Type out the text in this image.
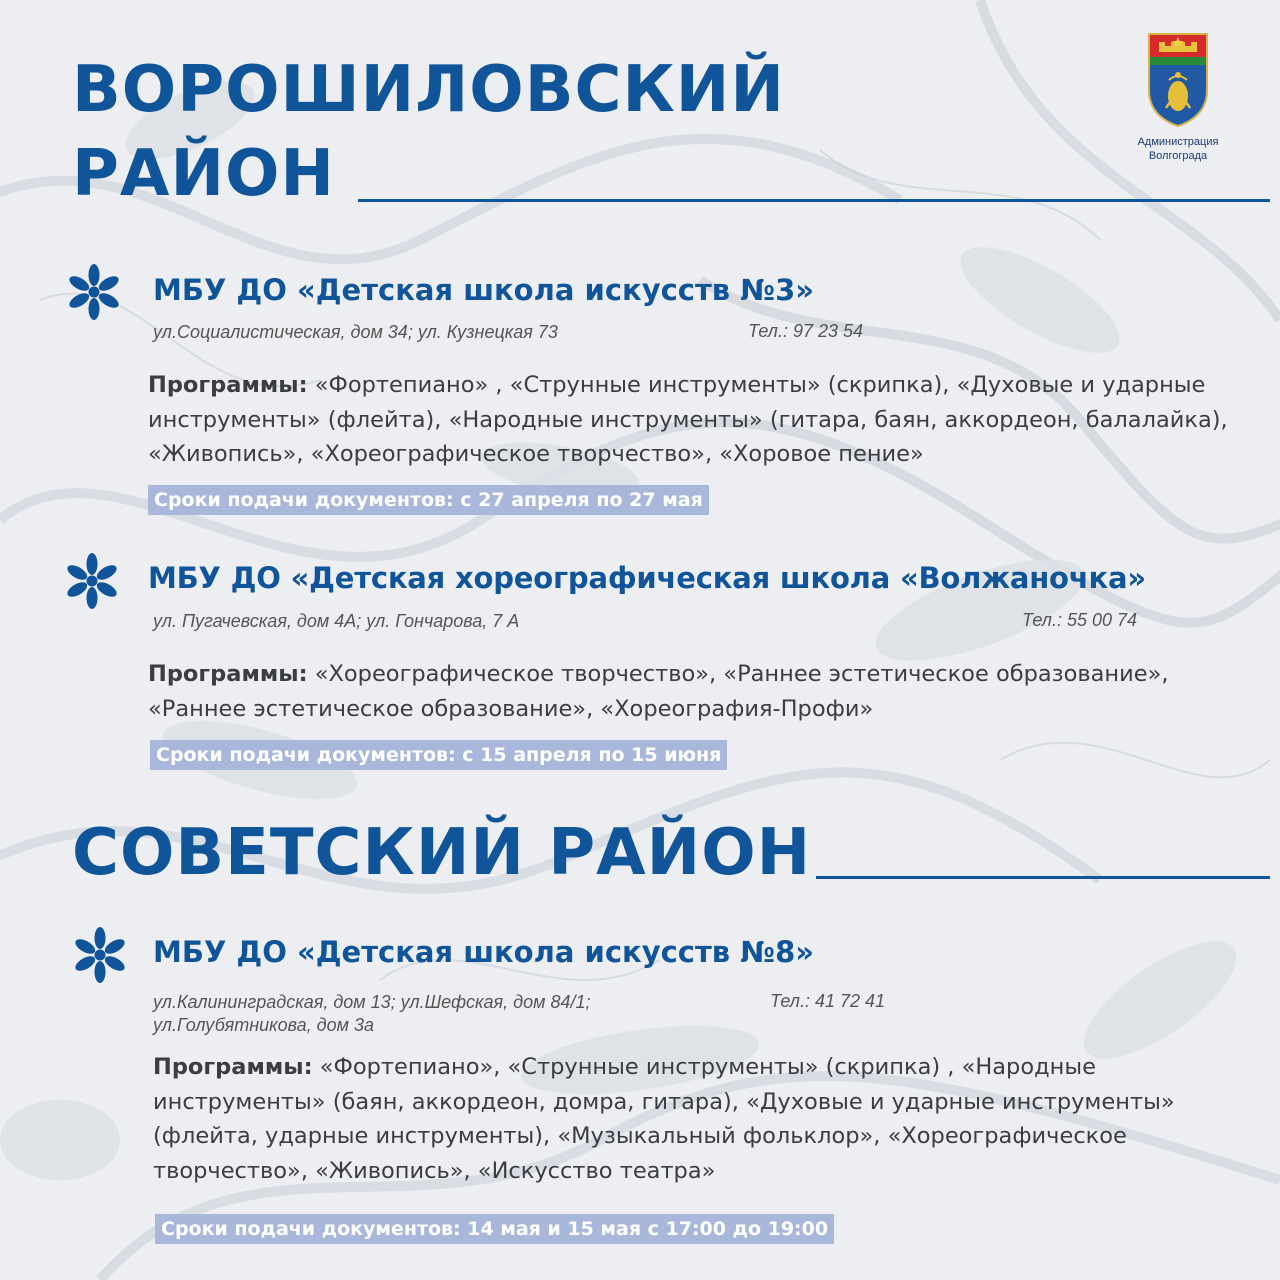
Администрация
Волгограда
ВОРОШИЛОВСКИЙ
РАЙОН
МБУ ДО «Детская школа искусств №3»
ул.Социалистическая, дом 34; ул. Кузнецкая 73	Тел.: 97 23 54
Программы: «Фортепиано» , «Струнные инструменты» (скрипка), «Духовые и ударные инструменты» (флейта), «Народные инструменты» (гитара, баян, аккордеон, балалайка), «Живопись», «Хореографическое творчество», «Хоровое пение»
Сроки подачи документов: с 27 апреля по 27 мая
МБУ ДО «Детская хореографическая школа «Волжаночка»
ул. Пугачевская, дом 4А; ул. Гончарова, 7 А	Тел.: 55 00 74
Программы: «Хореографическое творчество», «Раннее эстетическое образование», «Раннее эстетическое образование», «Хореография-Профи»
Сроки подачи документов: с 15 апреля по 15 июня
СОВЕТСКИЙ РАЙОН
МБУ ДО «Детская школа искусств №8»
ул.Калининградская, дом 13; ул.Шефская, дом 84/1;
ул.Голубятникова, дом 3а
Тел.: 41 72 41
Программы: «Фортепиано», «Струнные инструменты» (скрипка) , «Народные инструменты» (баян, аккордеон, домра, гитара), «Духовые и ударные инструменты» (флейта, ударные инструменты), «Музыкальный фольклор», «Хореографическое творчество», «Живопись», «Искусство театра»
Сроки подачи документов: 14 мая и 15 мая с 17:00 до 19:00
